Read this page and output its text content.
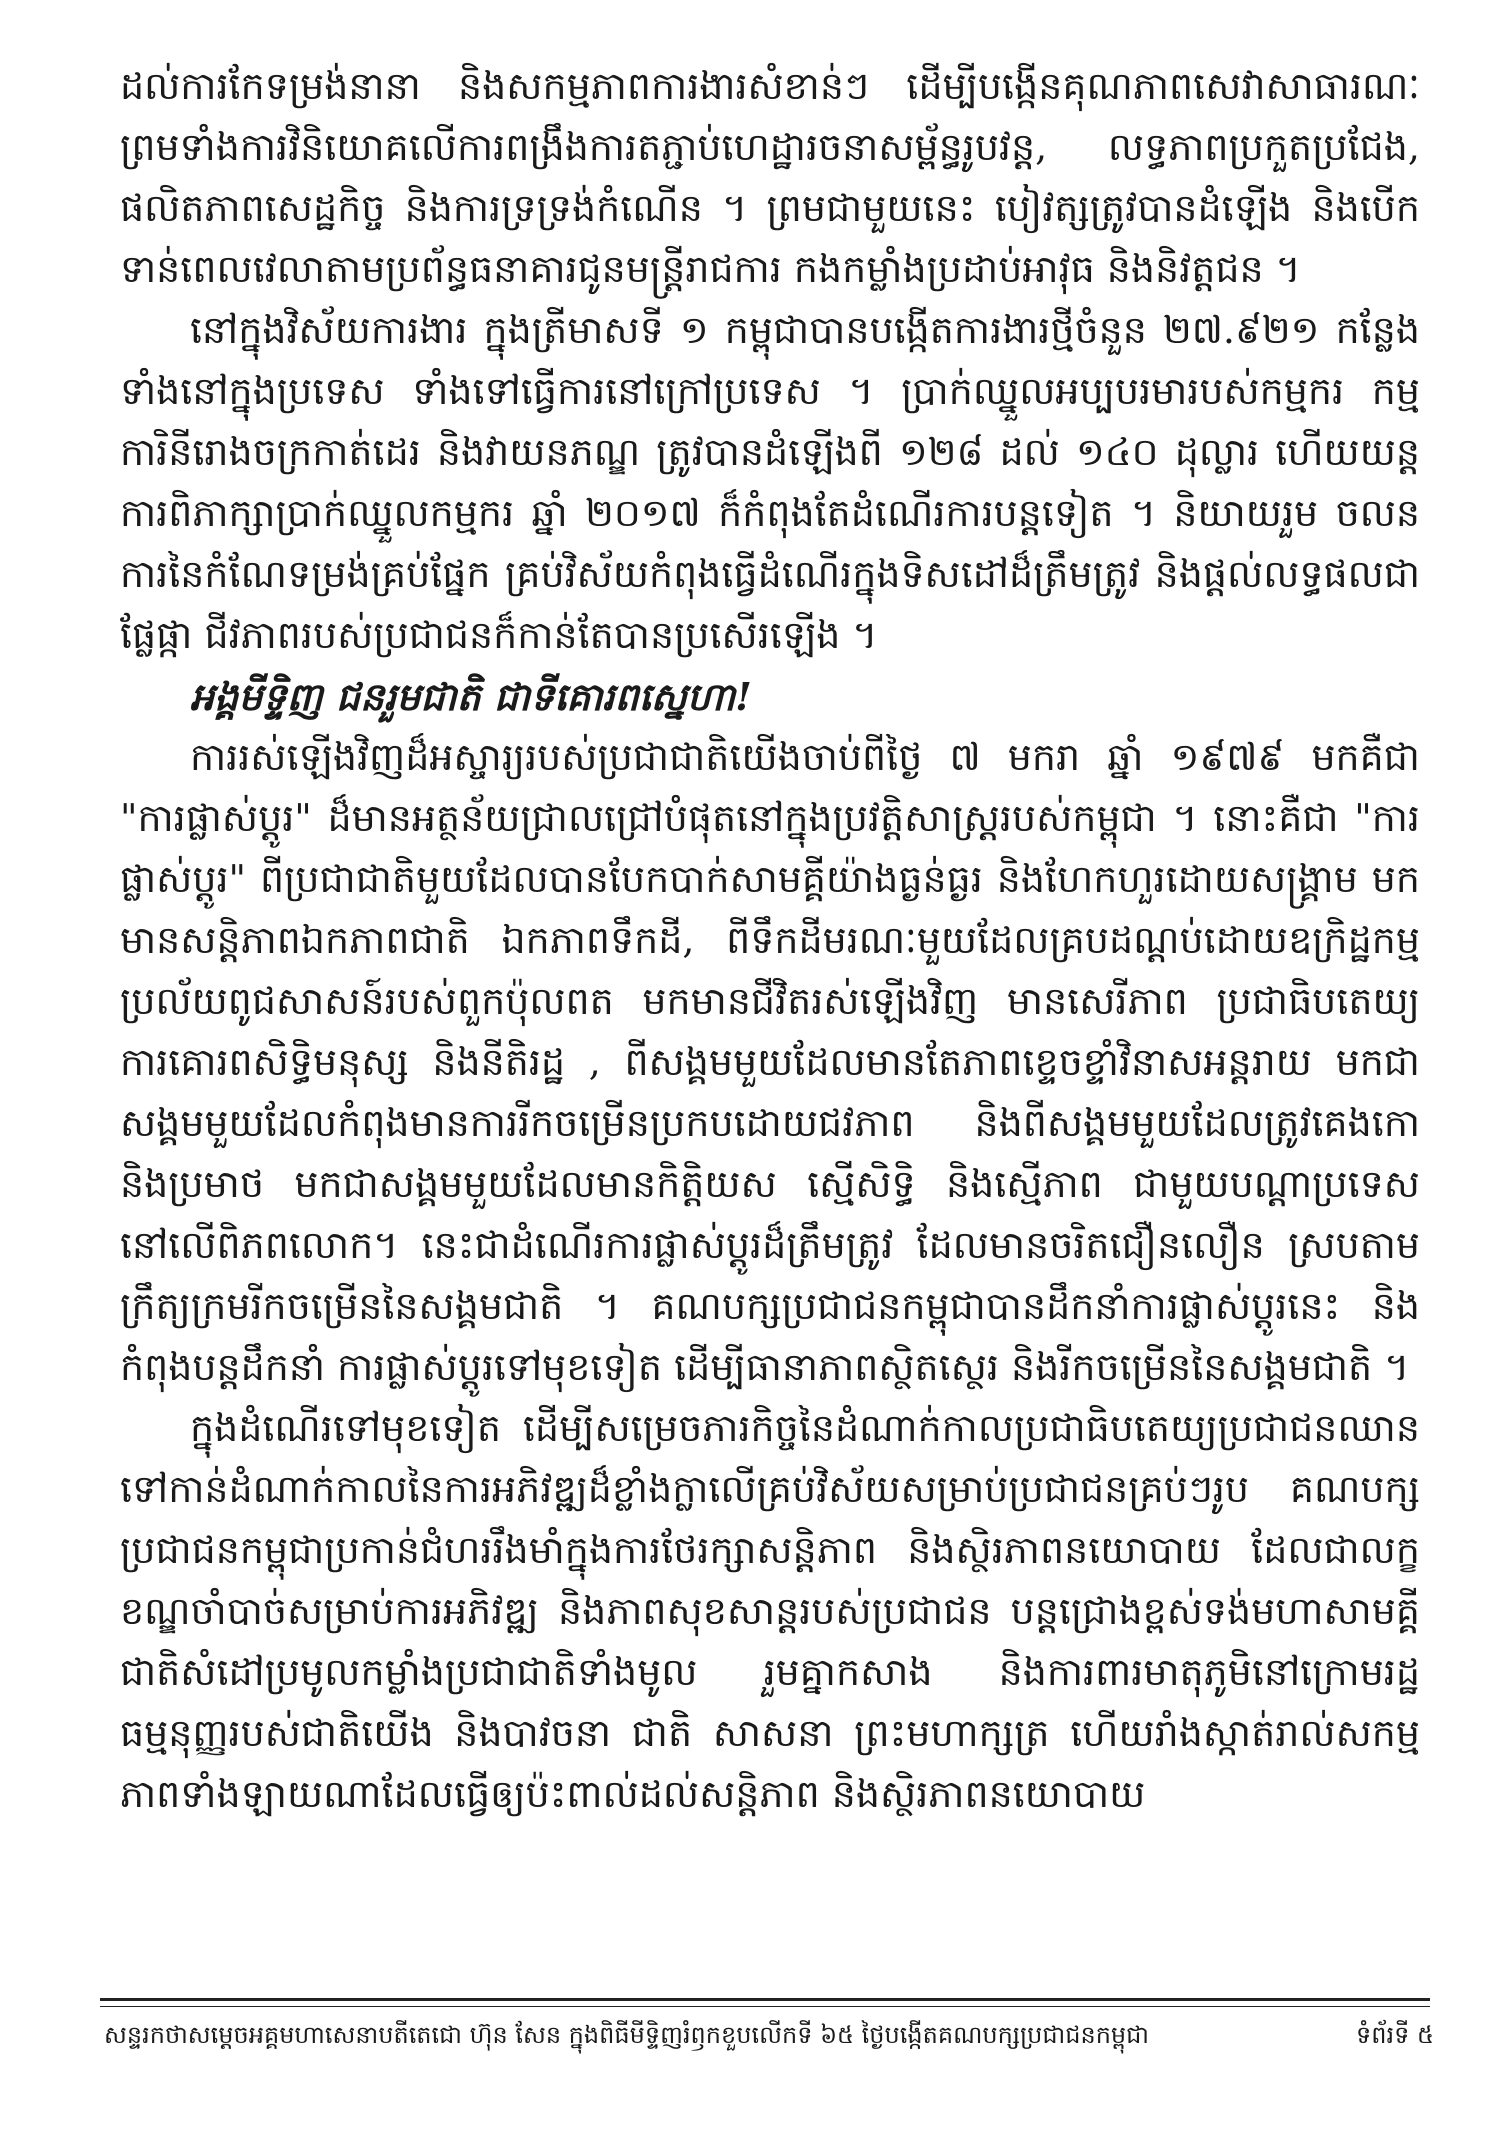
ដល់ការកែទម្រង់នានា និងសកម្មភាពការងារសំខាន់ៗ ដើម្បីបង្កើនគុណភាពសេវាសាធារណៈ ព្រមទាំងការវិនិយោគលើការពង្រឹងការតភ្ជាប់ហេដ្ឋារចនាសម្ព័ន្ធរូបវន្ត, លទ្ធភាពប្រកួតប្រជែង, ផលិតភាពសេដ្ឋកិច្ច និងការទ្រទ្រង់កំណើន ។ ព្រមជាមួយនេះ បៀវត្សត្រូវបានដំឡើង និងបើកទាន់ពេលវេលាតាមប្រព័ន្ធធនាគារជូនមន្ត្រីរាជការ កងកម្លាំងប្រដាប់អាវុធ និងនិវត្តជន ។

នៅក្នុងវិស័យការងារ ក្នុងត្រីមាសទី ១ កម្ពុជាបានបង្កើតការងារថ្មីចំនួន ២៧.៩២១ កន្លែង ទាំងនៅក្នុងប្រទេស ទាំងទៅធ្វើការនៅក្រៅប្រទេស ។ ប្រាក់ឈ្នួលអប្បបរមារបស់កម្មករ កម្មការិនីរោងចក្រកាត់ដេរ និងវាយនភណ្ឌ ត្រូវបានដំឡើងពី ១២៨ ដល់ ១៤០ ដុល្លារ ហើយយន្តការពិភាក្សាប្រាក់ឈ្នួលកម្មករ ឆ្នាំ ២០១៧ ក៏កំពុងតែដំណើរការបន្តទៀត ។ និយាយរួម ចលនការនៃកំណែទម្រង់គ្រប់ផ្នែក គ្រប់វិស័យកំពុងធ្វើដំណើរក្នុងទិសដៅដ៏ត្រឹមត្រូវ និងផ្តល់លទ្ធផលជាផ្លែផ្កា ជីវភាពរបស់ប្រជាជនក៏កាន់តែបានប្រសើរឡើង ។

អង្គមីទ្ទិញ ជនរួមជាតិ ជាទីគោរពស្នេហា!

ការរស់ឡើងវិញដ៏អស្ចារ្យរបស់ប្រជាជាតិយើងចាប់ពីថ្ងៃ ៧ មករា ឆ្នាំ ១៩៧៩ មកគឺជា "ការផ្លាស់ប្តូរ" ដ៏មានអត្ថន័យជ្រាលជ្រៅបំផុតនៅក្នុងប្រវត្តិសាស្ត្ររបស់កម្ពុជា ។ នោះគឺជា "ការផ្លាស់ប្តូរ" ពីប្រជាជាតិមួយដែលបានបែកបាក់សាមគ្គីយ៉ាងធ្ងន់ធ្ងរ និងហែកហួរដោយសង្គ្រាម មកមានសន្តិភាពឯកភាពជាតិ ឯកភាពទឹកដី, ពីទឹកដីមរណៈមួយដែលគ្របដណ្តប់ដោយឧក្រិដ្ឋកម្មប្រល័យពូជសាសន៍របស់ពួកប៉ុលពត មកមានជីវិតរស់ឡើងវិញ មានសេរីភាព ប្រជាធិបតេយ្យ ការគោរពសិទ្ធិមនុស្ស និងនីតិរដ្ឋ , ពីសង្គមមួយដែលមានតែភាពខ្ទេចខ្ទាំវិនាសអន្តរាយ មកជាសង្គមមួយដែលកំពុងមានការរីកចម្រើនប្រកបដោយជវភាព និងពីសង្គមមួយដែលត្រូវគេងកោ និងប្រមាថ មកជាសង្គមមួយដែលមានកិត្តិយស ស្មើសិទ្ធិ និងស្មើភាព ជាមួយបណ្តាប្រទេសនៅលើពិភពលោក។ នេះជាដំណើរការផ្លាស់ប្តូរដ៏ត្រឹមត្រូវ ដែលមានចរិតជឿនលឿន ស្របតាមក្រឹត្យក្រមរីកចម្រើននៃសង្គមជាតិ ។ គណបក្សប្រជាជនកម្ពុជាបានដឹកនាំការផ្លាស់ប្តូរនេះ និងកំពុងបន្តដឹកនាំ ការផ្លាស់ប្តូរទៅមុខទៀត ដើម្បីធានាភាពស្ថិតស្ថេរ និងរីកចម្រើននៃសង្គមជាតិ ។

ក្នុងដំណើរទៅមុខទៀត ដើម្បីសម្រេចភារកិច្ចនៃដំណាក់កាលប្រជាធិបតេយ្យប្រជាជនឈានទៅកាន់ដំណាក់កាលនៃការអភិវឌ្ឍដ៏ខ្លាំងក្លាលើគ្រប់វិស័យសម្រាប់ប្រជាជនគ្រប់ៗរូប គណបក្សប្រជាជនកម្ពុជាប្រកាន់ជំហររឹងមាំក្នុងការថែរក្សាសន្តិភាព និងស្ថិរភាពនយោបាយ ដែលជាលក្ខខណ្ឌចាំបាច់សម្រាប់ការអភិវឌ្ឍ និងភាពសុខសាន្តរបស់ប្រជាជន បន្តជ្រោងខ្ពស់ទង់មហាសាមគ្គីជាតិសំដៅប្រមូលកម្លាំងប្រជាជាតិទាំងមូល រួមគ្នាកសាង និងការពារមាតុភូមិនៅក្រោមរដ្ឋធម្មនុញ្ញរបស់ជាតិយើង និងបាវចនា ជាតិ សាសនា ព្រះមហាក្សត្រ ហើយរាំងស្កាត់រាល់សកម្មភាពទាំងឡាយណាដែលធ្វើឲ្យប៉ះពាល់ដល់សន្តិភាព និងស្ថិរភាពនយោបាយ

សន្ទរកថាសម្តេចអគ្គមហាសេនាបតីតេជោ ហ៊ុន សែន ក្នុងពិធីមីទ្ទិញរំឭកខួបលើកទី ៦៥ ថ្ងៃបង្កើតគណបក្សប្រជាជនកម្ពុជា	ទំព័រទី ៥
